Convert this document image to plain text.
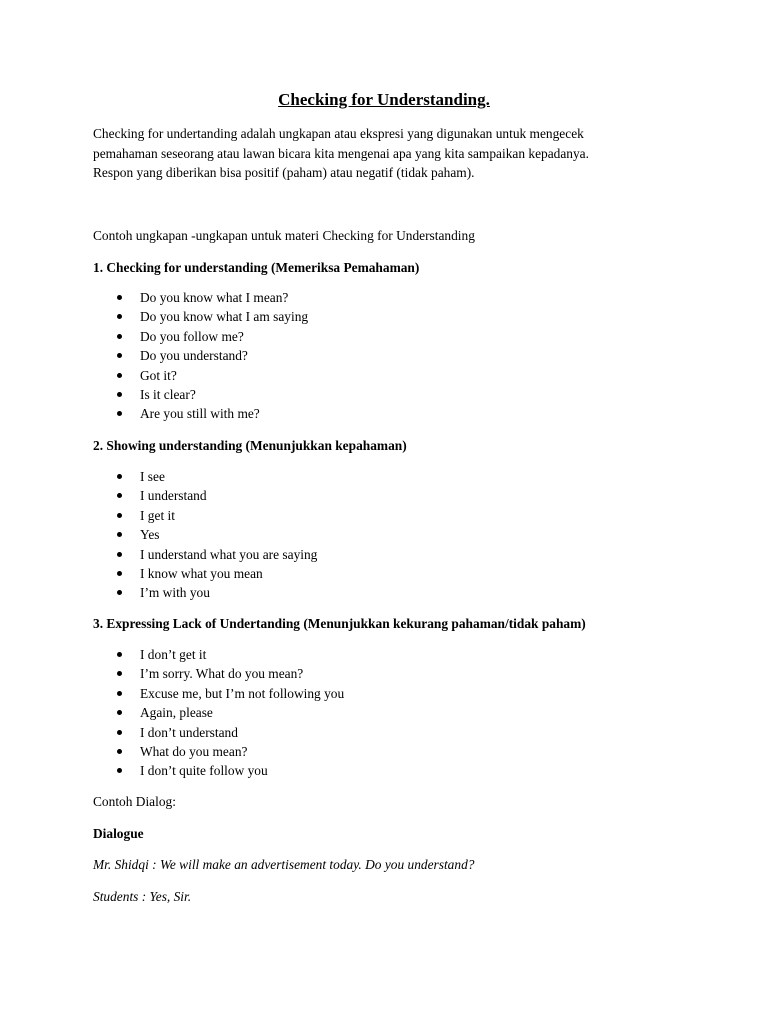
Checking for Understanding.

Checking for undertanding adalah ungkapan atau ekspresi yang digunakan untuk mengecek

pemahaman seseorang atau lawan bicara kita mengenai apa yang kita sampaikan kepadanya.

Respon yang diberikan bisa positif (paham) atau negatif (tidak paham).

Contoh ungkapan -ungkapan untuk materi Checking for Understanding
1. Checking for understanding (Memeriksa Pemahaman)
Do you know what I mean?
Do you know what I am saying
Do you follow me?
Do you understand?
Got it?
Is it clear?
Are you still with me?
2. Showing understanding (Menunjukkan kepahaman)
I see
I understand
I get it
Yes
I understand what you are saying
I know what you mean
I’m with you
3. Expressing Lack of Undertanding (Menunjukkan kekurang pahaman/tidak paham)
I don’t get it
I’m sorry. What do you mean?
Excuse me, but I’m not following you
Again, please
I don’t understand
What do you mean?
I don’t quite follow you
Contoh Dialog:
Dialogue
Mr. Shidqi : We will make an advertisement today. Do you understand?
Students : Yes, Sir.
